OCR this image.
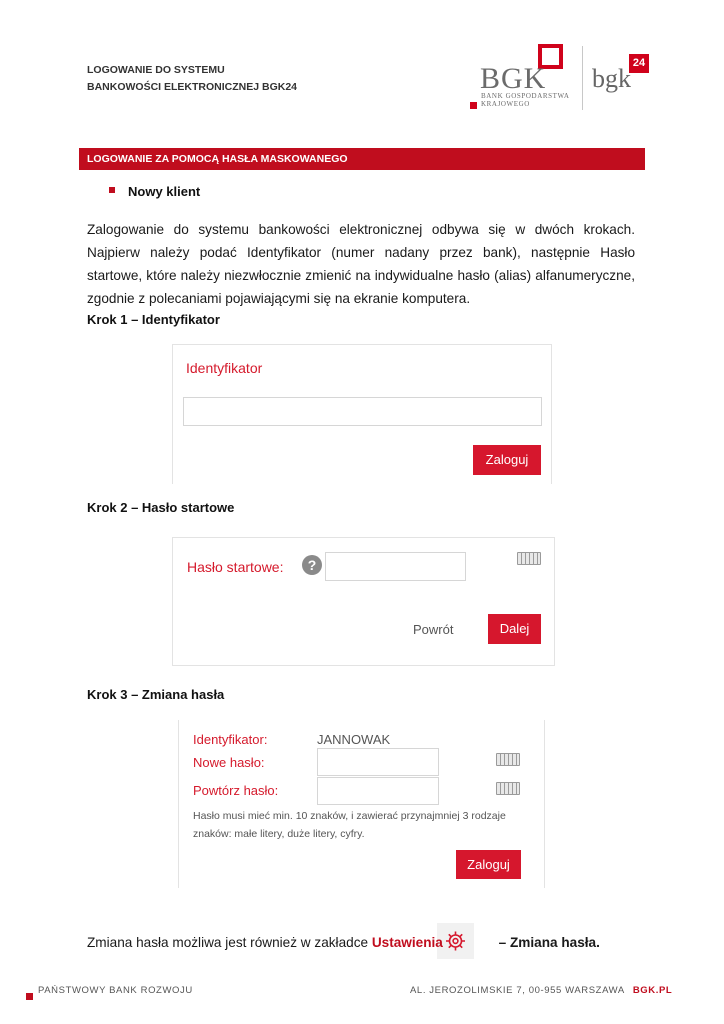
LOGOWANIE DO SYSTEMU
BANKOWOŚCI ELEKTRONICZNEJ BGK24	BGK
BANK GOSPODARSTWA
KRAJOWEGO
24
bgk
LOGOWANIE ZA POMOCĄ HASŁA MASKOWANEGO
Nowy klient
Zalogowanie do systemu bankowości elektronicznej odbywa się w dwóch krokach. Najpierw należy podać Identyfikator (numer nadany przez bank), następnie Hasło startowe, które należy niezwłocznie zmienić na indywidualne hasło (alias) alfanumeryczne, zgodnie z polecaniami pojawiającymi się na ekranie komputera.
Krok 1 – Identyfikator
Identyfikator
Zaloguj
Krok 2 – Hasło startowe
Hasło startowe:	?
Powrót	Dalej
Krok 3 – Zmiana hasła
Identyfikator:	JANNOWAK
Nowe hasło:
Powtórz hasło:
Hasło musi mieć min. 10 znaków, i zawierać przynajmniej 3 rodzaje znaków: małe litery, duże litery, cyfry.
Zaloguj
Zmiana hasła możliwa jest również w zakładce Ustawienia	– Zmiana hasła.
PAŃSTWOWY BANK ROZWOJU	AL. JEROZOLIMSKIE 7, 00-955 WARSZAWA BGK.PL
